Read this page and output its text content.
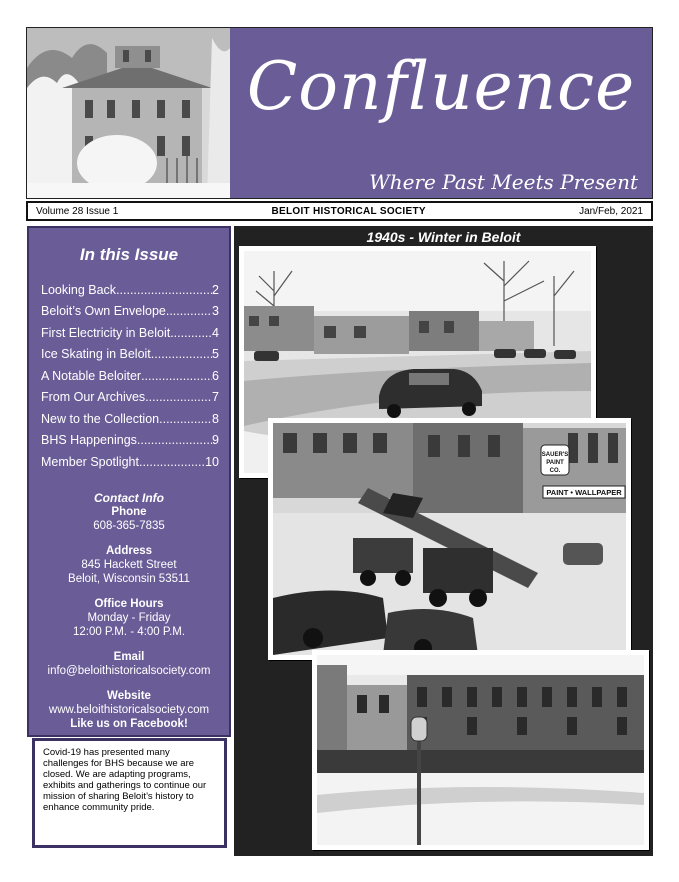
Confluence
Where Past Meets Present
Volume 28 Issue 1	BELOIT HISTORICAL SOCIETY	Jan/Feb, 2021
In this Issue
Looking Back .....	2
Beloit’s Own Envelope .....	3
First Electricity in Beloit .....	4
Ice Skating in Beloit .....	5
A Notable Beloiter .....	6
From Our Archives .....	7
New to the Collection .....	8
BHS Happenings .....	9
Member Spotlight .....	10
Contact Info
Phone
608-365-7835
Address
845 Hackett Street
Beloit, Wisconsin 53511
Office Hours
Monday - Friday
12:00 P.M. - 4:00 P.M.
Email
info@beloithistoricalsociety.com
Website
www.beloithistoricalsociety.com
Like us on Facebook!
Covid-19 has presented many challenges for BHS because we are closed. We are adapting programs, exhibits and gatherings to continue our mission of sharing Beloit’s history to enhance community pride.
1940s - Winter in Beloit
SAUER'S
PAINT
CO.
PAINT • WALLPAPER
